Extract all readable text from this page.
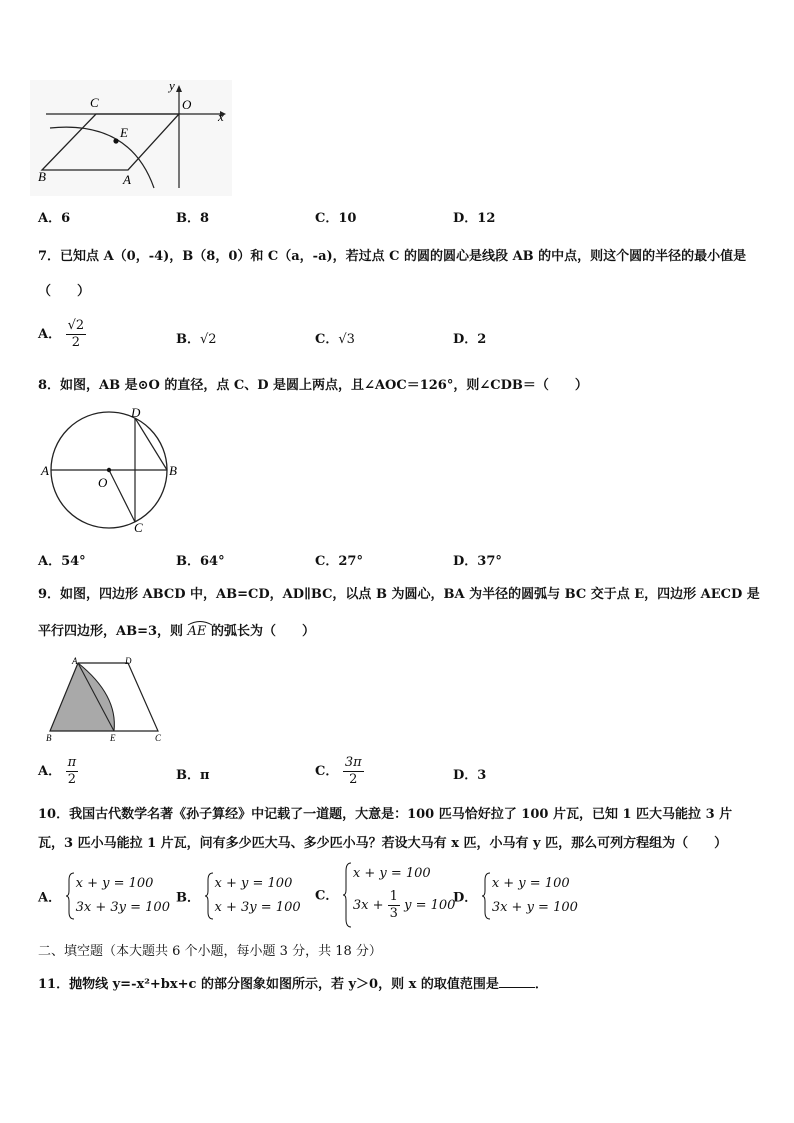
C
y
O
x
E
B	A
A．6	B．8	C．10	D．12
7．已知点 A（0，-4)，B（8，0）和 C（a，-a)，若过点 C 的圆的圆心是线段 AB 的中点，则这个圆的半径的最小值是
（　　）
A． $\frac{√2}{2}$	B．√2	C．√3	D．2
8．如图，AB 是⊙O 的直径，点 C、D 是圆上两点，且∠AOC＝126°，则∠CDB＝（　　）
A	B
D
C
O
A．54°	B．64°	C．27°	D．37°
9．如图，四边形 ABCD 中，AB=CD，AD∥BC，以点 B 为圆心，BA 为半径的圆弧与 BC 交于点 E，四边形 AECD 是
平行四边形，AB=3，则 AE 的弧长为（　　）
A	D
B	E	C
A． $\frac{\pi}{2}$	B．π	C． $\frac{3\pi}{2}$	D．3
10．我国古代数学名著《孙子算经》中记载了一道题，大意是：100 匹马恰好拉了 100 片瓦，已知 1 匹大马能拉 3 片
瓦，3 匹小马能拉 1 片瓦，问有多少匹大马、多少匹小马？若设大马有 x 匹，小马有 y 匹，那么可列方程组为（　　）
A．
x + y = 100
3x + 3y = 100
B．
x + y = 100
x + 3y = 100
C．
x + y = 100
$3x + \frac{1}{3}$ y = 100
D．
x + y = 100
3x + y = 100
二、填空题（本大题共 6 个小题，每小题 3 分，共 18 分）
11．抛物线 y=-x²+bx+c 的部分图象如图所示，若 y＞0，则 x 的取值范围是	．
